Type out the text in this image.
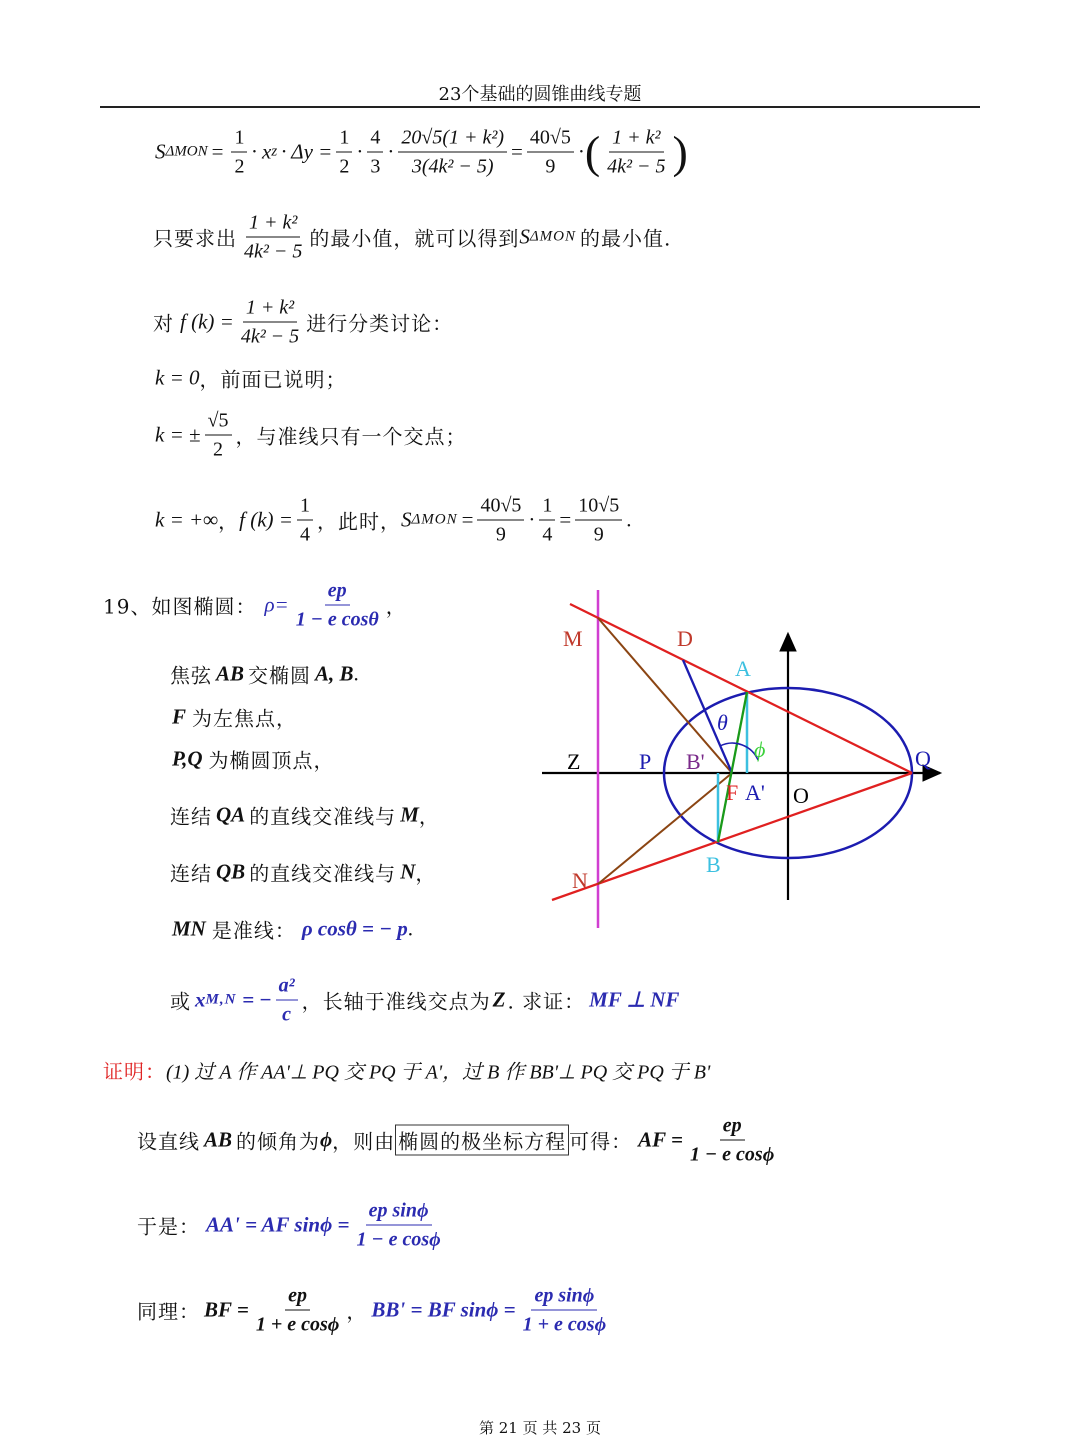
23个基础的圆锥曲线专题
S $\Delta MON = \frac{1}{2} \cdot x$ $z \cdot \Delta y = \frac{1}{2} \cdot \frac{4}{3} \cdot \frac{\text{20√5(1 + k²)}}{\text{3(4k² − 5)}} = \frac{40√5}{9}$ · ( $\frac{\text{1 + k²}}{\text{4k² − 5}}$ )
只要求出 $\frac{\text{1 + k²}}{\text{4k² − 5}}$ 的最小值，就可以得到 S ΔMON 的最小值.
对 f $(k) = \frac{\text{1 + k²}}{\text{4k² − 5}}$ 进行分类讨论：
k = 0 ，前面已说明；
k = ± $\frac{√5}{2}$ ，与准线只有一个交点；
k = +∞ ， f $(k) = \frac{1}{4}$ ，此时， S $\Delta MON = \frac{40√5}{9} \cdot \frac{1}{4} = \frac{10√5}{9}$ .
19、如图椭圆： $\rho= \frac{ep}{\text{1 − e cosθ}}$ ，
焦弦 AB 交椭圆 A, B .
F 为左焦点，
P,Q 为椭圆顶点，
连结 QA 的直线交准线与 M ，
连结 QB 的直线交准线与 N ，
MN 是准线： ρ cosθ = − p .
或 x M,N = − $\frac{\text{a²}}{c}$ ，长轴于准线交点为 Z . 求证： MF ⊥ NF
证明： (1) 过 A 作 AA'⊥ PQ 交 PQ 于 A'，过 B 作 BB'⊥ PQ 交 PQ 于 B'
设直线 AB 的倾角为 ϕ ，则由 椭圆的极坐标方程 可得： AF = $\frac{ep}{\text{1 − e cosϕ}}$
于是： AA' = AF $\sin\phi = \frac{\text{ep sinϕ}}{\text{1 − e cosϕ}}$
同理： BF = $\frac{ep}{\text{1 + e cosϕ}}$ ， BB' = BF $\sin\phi = \frac{\text{ep sinϕ}}{\text{1 + e cosϕ}}$
第 21 页 共 23 页
M	D
A
θ
ϕ
Z	P B'	Q
F A' O
B
N
